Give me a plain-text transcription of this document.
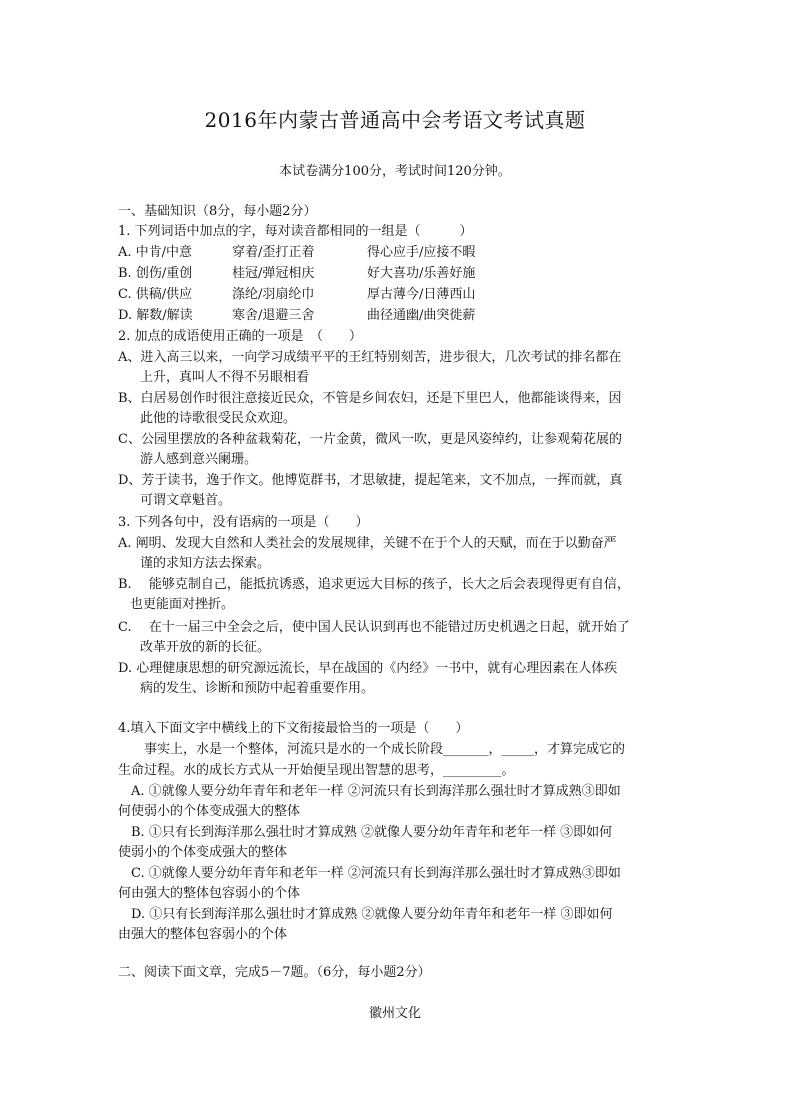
2016年内蒙古普通高中会考语文考试真题
本试卷满分100分，考试时间120分钟。
一、基础知识（8分，每小题2分）
1. 下列词语中加点的字，每对读音都相同的一组是（　　　）
A. 中肯/中意	穿着/歪打正着	得心应手/应接不暇
B. 创伤/重创	桂冠/弹冠相庆	好大喜功/乐善好施
C. 供稿/供应	涤纶/羽扇纶巾	厚古薄今/日薄西山
D. 解数/解读	寒舍/退避三舍	曲径通幽/曲突徙薪
2. 加点的成语使用正确的一项是　（　　）
A、进入高三以来，一向学习成绩平平的王红特别刻苦，进步很大，几次考试的排名都在
上升，真叫人不得不另眼相看
B、白居易创作时很注意接近民众，不管是乡间农妇，还是下里巴人，他都能谈得来，因
此他的诗歌很受民众欢迎。
C、公园里摆放的各种盆栽菊花，一片金黄，微风一吹，更是风姿绰约，让参观菊花展的
游人感到意兴阑珊。
D、芳于读书，逸于作文。他博览群书，才思敏捷，提起笔来，文不加点，一挥而就，真
可谓文章魁首。
3. 下列各句中，没有语病的一项是（　　）
A. 阐明、发现大自然和人类社会的发展规律，关键不在于个人的天赋，而在于以勤奋严
谨的求知方法去探索。
B.　 能够克制自己，能抵抗诱惑，追求更远大目标的孩子，长大之后会表现得更有自信，
也更能面对挫折。
C.　 在十一届三中全会之后，使中国人民认识到再也不能错过历史机遇之日起，就开始了
改革开放的新的长征。
D. 心理健康思想的研究源远流长，早在战国的《内经》一书中，就有心理因素在人体疾
病的发生、诊断和预防中起着重要作用。
4.填入下面文字中横线上的下文衔接最恰当的一项是（　　）
　　事实上，水是一个整体，河流只是水的一个成长阶段_______，_____，才算完成它的
生命过程。水的成长方式从一开始便呈现出智慧的思考，_________。
　A. ①就像人要分幼年青年和老年一样 ②河流只有长到海洋那么强壮时才算成熟③即如
何使弱小的个体变成强大的整体
　B. ①只有长到海洋那么强壮时才算成熟 ②就像人要分幼年青年和老年一样 ③即如何
使弱小的个体变成强大的整体
　C. ①就像人要分幼年青年和老年一样 ②河流只有长到海洋那么强壮时才算成熟③即如
何由强大的整体包容弱小的个体
　D. ①只有长到海洋那么强壮时才算成熟 ②就像人要分幼年青年和老年一样 ③即如何
由强大的整体包容弱小的个体
二、阅读下面文章，完成5－7题。（6分，每小题2分）
徽州文化
